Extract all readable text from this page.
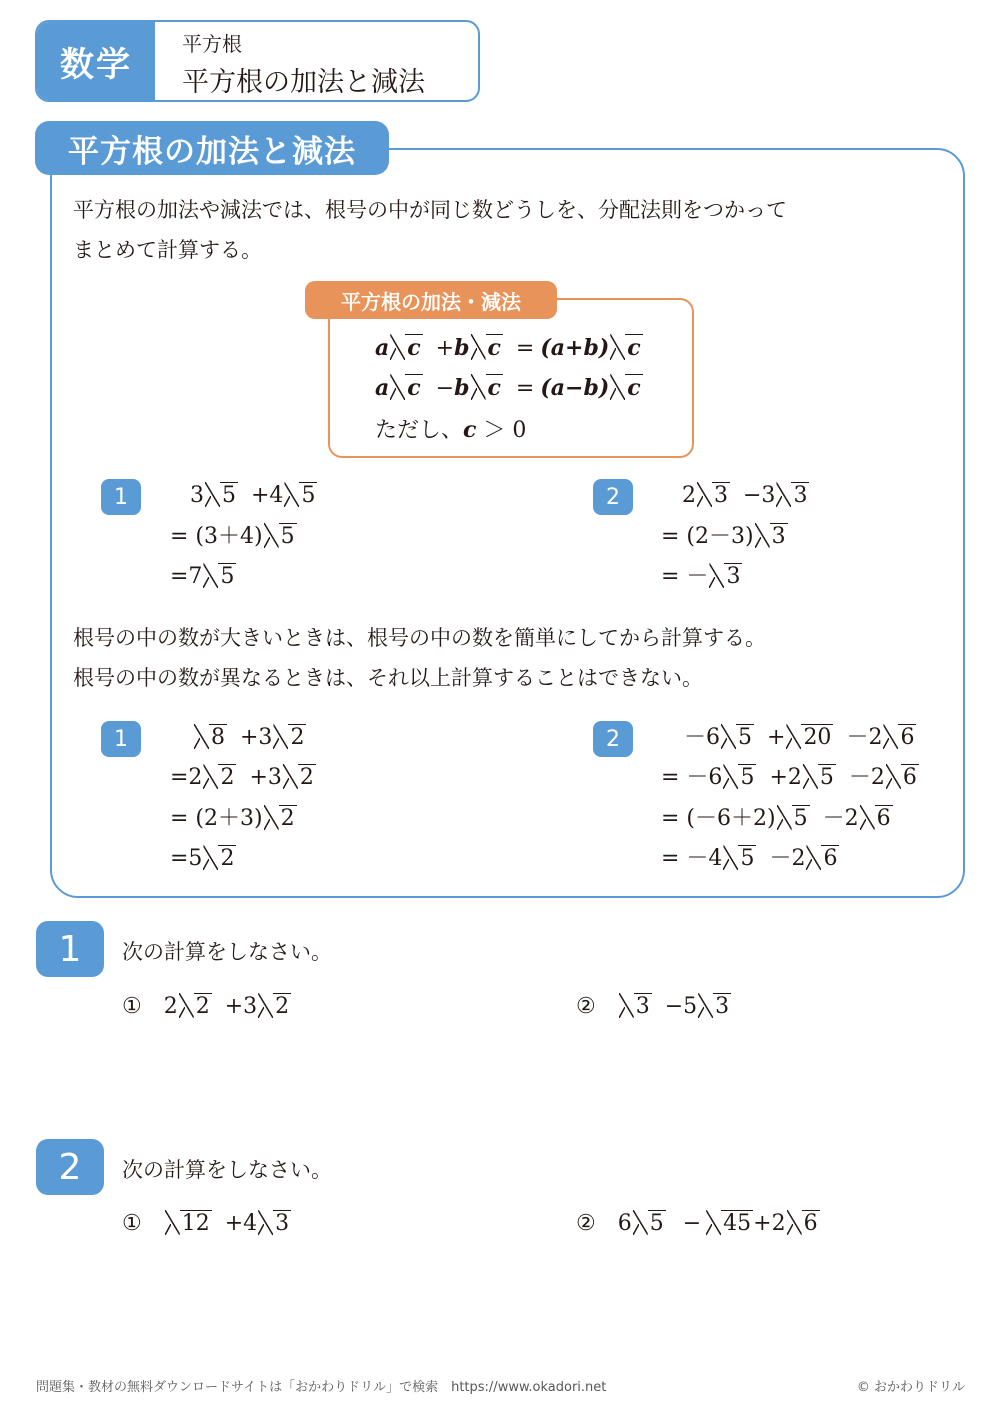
数学
平方根
平方根の加法と減法
平方根の加法と減法
平方根の加法や減法では、根号の中が同じ数どうしを、分配法則をつかって
まとめて計算する。
平方根の加法・減法
a c +b c = (a+b) c
a c −b c = (a−b) c
ただし、c ＞ 0
1	3 5 +4 5
= (3＋4) 5
=7 5
2	2 3 −3 3
= (2－3) 3
= － 3
根号の中の数が大きいときは、根号の中の数を簡単にしてから計算する。
根号の中の数が異なるときは、それ以上計算することはできない。
1	8 +3 2
=2 2 +3 2
= (2＋3) 2
=5 2
2	－6 5 + 20 －2 6
= －6 5 +2 5 －2 6
= (－6＋2) 5 －2 6
= －4 5 －2 6
1	次の計算をしなさい。
① 2 2 +3 2	② 3 −5 3
2	次の計算をしなさい。
① 12 +4 3	② 6 5 − 45+2 6
問題集・教材の無料ダウンロードサイトは「おかわりドリル」で検索　https://www.okadori.net	© おかわりドリル
